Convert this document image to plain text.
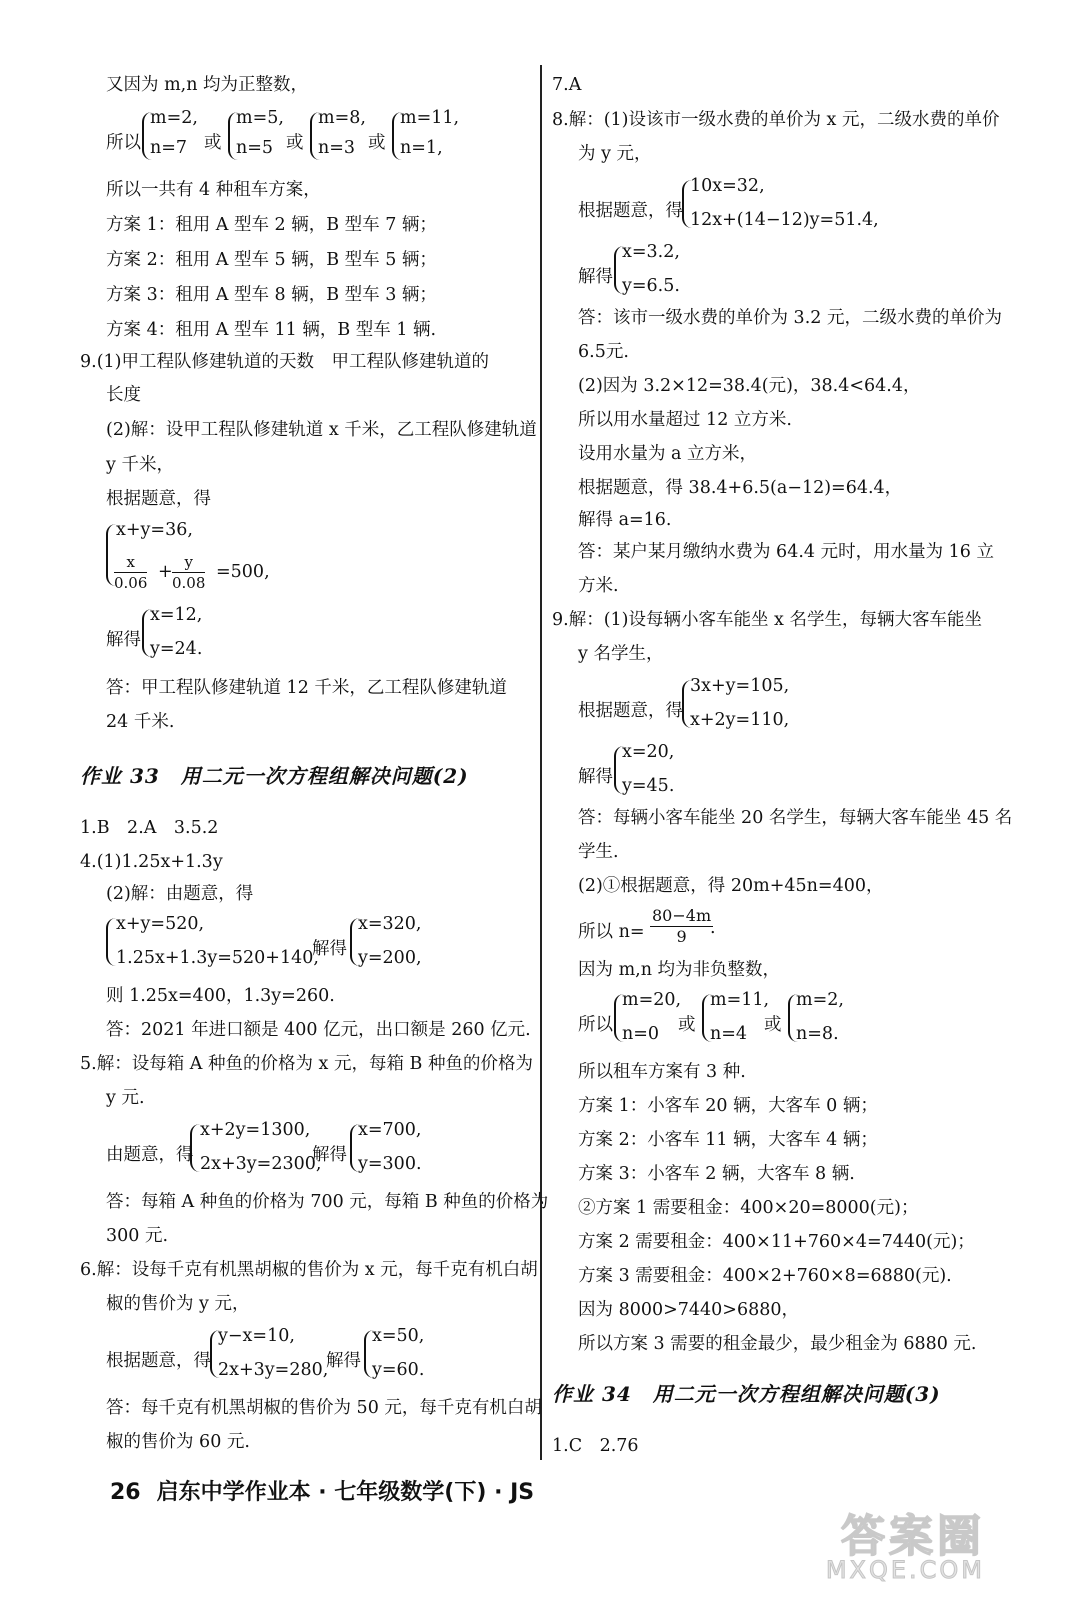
又因为 m,n 均为正整数，
所以
m=2,
n=7 或
m=5,
n=5 或
m=8,
n=3 或
m=11,
n=1,
所以一共有 4 种租车方案，
方案 1：租用 A 型车 2 辆，B 型车 7 辆；
方案 2：租用 A 型车 5 辆，B 型车 5 辆；
方案 3：租用 A 型车 8 辆，B 型车 3 辆；
方案 4：租用 A 型车 11 辆，B 型车 1 辆.
9.(1)甲工程队修建轨道的天数　甲工程队修建轨道的
长度
(2)解：设甲工程队修建轨道 x 千米，乙工程队修建轨道
y 千米，
根据题意，得
x+y=36,
$\frac{x}{0.06} + \frac{y}{0.08} =500$,
解得
x=12,
y=24.
答：甲工程队修建轨道 12 千米，乙工程队修建轨道
24 千米.
作业 33　用二元一次方程组解决问题(2)
1.B　2.A　3.5.2
4.(1)1.25x+1.3y
(2)解：由题意，得
x+y=520,
1.25x+1.3y=520+140,
解得
x=320,
y=200,
则 1.25x=400，1.3y=260.
答：2021 年进口额是 400 亿元，出口额是 260 亿元.
5.解：设每箱 A 种鱼的价格为 x 元，每箱 B 种鱼的价格为
y 元.
由题意，得
x+2y=1300,
2x+3y=2300,
解得
x=700,
y=300.
答：每箱 A 种鱼的价格为 700 元，每箱 B 种鱼的价格为
300 元.
6.解：设每千克有机黑胡椒的售价为 x 元，每千克有机白胡
椒的售价为 y 元，
根据题意，得
y−x=10,
2x+3y=280,
解得
x=50,
y=60.
答：每千克有机黑胡椒的售价为 50 元，每千克有机白胡
椒的售价为 60 元.
7.A
8.解：(1)设该市一级水费的单价为 x 元，二级水费的单价
为 y 元，
根据题意，得
10x=32,
12x+(14−12)y=51.4,
解得
x=3.2,
y=6.5.
答：该市一级水费的单价为 3.2 元，二级水费的单价为
6.5元.
(2)因为 3.2×12=38.4(元)，38.4<64.4，
所以用水量超过 12 立方米.
设用水量为 a 立方米，
根据题意，得 38.4+6.5(a−12)=64.4，
解得 a=16.
答：某户某月缴纳水费为 64.4 元时，用水量为 16 立
方米.
9.解：(1)设每辆小客车能坐 x 名学生，每辆大客车能坐
y 名学生，
根据题意，得
3x+y=105,
x+2y=110,
解得
x=20,
y=45.
答：每辆小客车能坐 20 名学生，每辆大客车能坐 45 名
学生.
(2)①根据题意，得 20m+45n=400，
所以 $n= \frac{80-4m}{9}$
.
因为 m,n 均为非负整数，
所以
m=20,
n=0 或
m=11,
n=4 或
m=2,
n=8.
所以租车方案有 3 种.
方案 1：小客车 20 辆，大客车 0 辆；
方案 2：小客车 11 辆，大客车 4 辆；
方案 3：小客车 2 辆，大客车 8 辆.
②方案 1 需要租金：400×20=8000(元)；
方案 2 需要租金：400×11+760×4=7440(元)；
方案 3 需要租金：400×2+760×8=6880(元).
因为 8000>7440>6880，
所以方案 3 需要的租金最少，最少租金为 6880 元.
作业 34　用二元一次方程组解决问题(3)
1.C　2.76
26 启东中学作业本 · 七年级数学(下) · JS
答案圈
MXQE.COM
